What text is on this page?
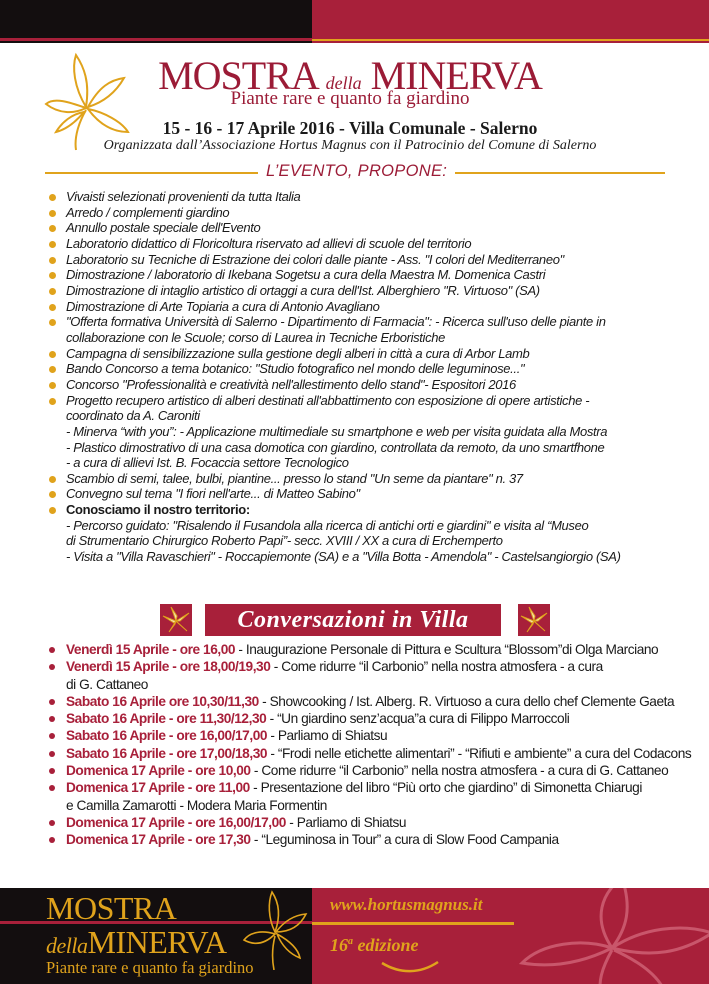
MOSTRA della MINERVA
Piante rare e quanto fa giardino
15 - 16 - 17 Aprile 2016 - Villa Comunale - Salerno
Organizzata dall’Associazione Hortus Magnus con il Patrocinio del Comune di Salerno
L’EVENTO, PROPONE:
Vivaisti selezionati provenienti da tutta Italia
Arredo / complementi giardino
Annullo postale speciale dell'Evento
Laboratorio didattico di Floricoltura riservato ad allievi di scuole del territorio
Laboratorio su Tecniche di Estrazione dei colori dalle piante - Ass. "I colori del Mediterraneo"
Dimostrazione / laboratorio di Ikebana Sogetsu a cura della Maestra M. Domenica Castri
Dimostrazione di intaglio artistico di ortaggi a cura dell'Ist. Alberghiero "R. Virtuoso" (SA)
Dimostrazione di Arte Topiaria a cura di Antonio Avagliano
"Offerta formativa Università di Salerno - Dipartimento di Farmacia": - Ricerca sull'uso delle piante in
collaborazione con le Scuole; corso di Laurea in Tecniche Erboristiche
Campagna di sensibilizzazione sulla gestione degli alberi in città a cura di Arbor Lamb
Bando Concorso a tema botanico: "Studio fotografico nel mondo delle leguminose..."
Concorso "Professionalità e creatività nell'allestimento dello stand"- Espositori 2016
Progetto recupero artistico di alberi destinati all'abbattimento con esposizione di opere artistiche -
coordinato da A. Caroniti
- Minerva “with you”: - Applicazione multimediale su smartphone e web per visita guidata alla Mostra
- Plastico dimostrativo di una casa domotica con giardino, controllata da remoto, da uno smartfhone
- a cura di allievi Ist. B. Focaccia settore Tecnologico
Scambio di semi, talee, bulbi, piantine... presso lo stand "Un seme da piantare" n. 37
Convegno sul tema "I fiori nell'arte... di Matteo Sabino"
Conosciamo il nostro territorio:
- Percorso guidato: "Risalendo il Fusandola alla ricerca di antichi orti e giardini" e visita al “Museo
di Strumentario Chirurgico Roberto Papi”- secc. XVIII / XX a cura di Erchemperto
- Visita a "Villa Ravaschieri" - Roccapiemonte (SA) e a "Villa Botta - Amendola" - Castelsangiorgio (SA)
Conversazioni in Villa
Venerdì 15 Aprile - ore 16,00 - Inaugurazione Personale di Pittura e Scultura “Blossom”di Olga Marciano
Venerdì 15 Aprile - ore 18,00/19,30 - Come ridurre “il Carbonio” nella nostra atmosfera - a cura
di G. Cattaneo
Sabato 16 Aprile ore 10,30/11,30 - Showcooking / Ist. Alberg. R. Virtuoso a cura dello chef Clemente Gaeta
Sabato 16 Aprile - ore 11,30/12,30 - “Un giardino senz’acqua”a cura di Filippo Marroccoli
Sabato 16 Aprile - ore 16,00/17,00 - Parliamo di Shiatsu
Sabato 16 Aprile - ore 17,00/18,30 - “Frodi nelle etichette alimentari” - “Rifiuti e ambiente” a cura del Codacons
Domenica 17 Aprile - ore 10,00 - Come ridurre “il Carbonio” nella nostra atmosfera - a cura di G. Cattaneo
Domenica 17 Aprile - ore 11,00 - Presentazione del libro “Più orto che giardino” di Simonetta Chiarugi
e Camilla Zamarotti - Modera Maria Formentin
Domenica 17 Aprile - ore 16,00/17,00 - Parliamo di Shiatsu
Domenica 17 Aprile - ore 17,30 - “Leguminosa in Tour” a cura di Slow Food Campania
MOSTRA
dellaMINERVA
Piante rare e quanto fa giardino
www.hortusmagnus.it
16$^a$ edizione
